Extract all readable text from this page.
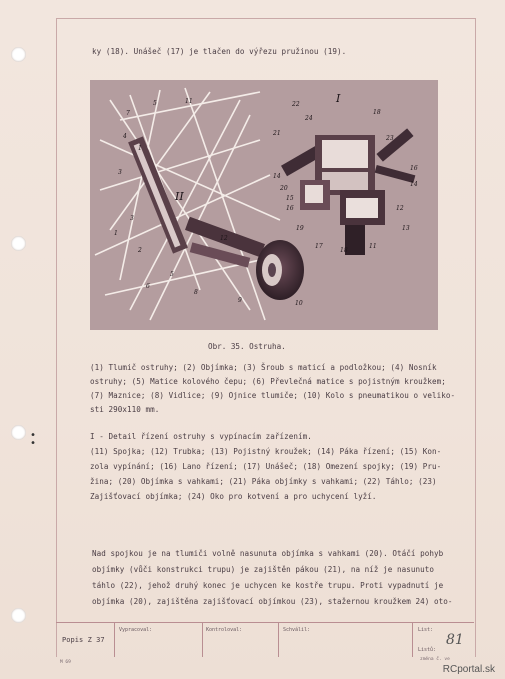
ky (18). Unášeč (17) je tlačen do výřezu pružinou (19).
II
I
7
5	11
4
1
3
3
2
5
8
9	10
6
1
12
22
18
21
23
16
14
14
20
16
19
17
18
11
13
12
15
24
Obr. 35. Ostruha.
(1) Tlumič ostruhy; (2) Objímka; (3) Šroub s maticí a podložkou; (4) Nosník
ostruhy; (5) Matice kolového čepu; (6) Převlečná matice s pojistným kroužkem;
(7) Maznice; (8) Vidlice; (9) Ojnice tlumiče; (10) Kolo s pneumatikou o veliko-
sti 290x110 mm.
I - Detail řízení ostruhy s vypínacím zařízením.
(11) Spojka; (12) Trubka; (13) Pojistný kroužek; (14) Páka řízení; (15) Kon-
zola vypínání; (16) Lano řízení; (17) Unášeč; (18) Omezení spojky; (19) Pru-
žina; (20) Objímka s vahkami; (21) Páka objímky s vahkami; (22) Táhlo; (23)
Zajišťovací objímka; (24) Oko pro kotvení a pro uchycení lyží.
Nad spojkou je na tlumiči volně nasunuta objímka s vahkami (20). Otáčí pohyb
objímky (vůči konstrukci trupu) je zajištěn pákou (21), na níž je nasunuto
táhlo (22), jehož druhý konec je uchycen ke kostře trupu. Proti vypadnutí je
objímka (20), zajištěna zajišťovací objímkou (23), stažernou kroužkem 24) oto-
Popis Z 37
Vypracoval:	Kontroloval:	Schválil:	List:
Listů:
81
M 69
změna č. ve
•
•
RCportal.sk
